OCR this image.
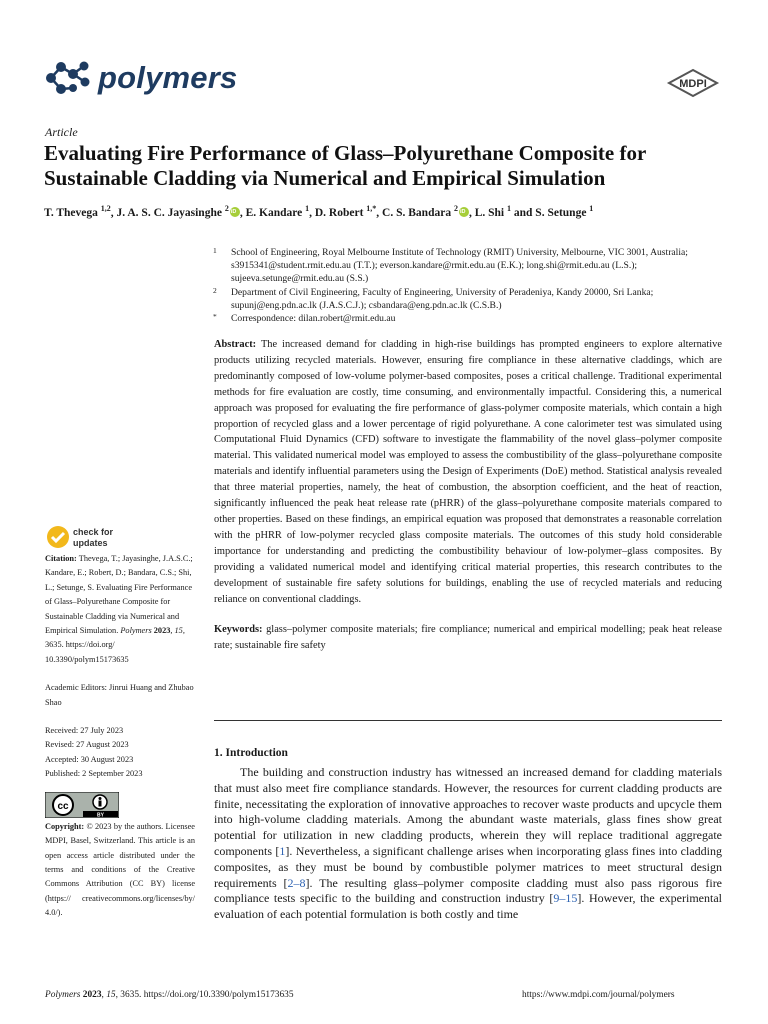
polymers	MDPI
Article
Evaluating Fire Performance of Glass–Polyurethane Composite for Sustainable Cladding via Numerical and Empirical Simulation
T. Thevega $^{1,2}$, J. A. S. C. Jayasinghe $^2$ iD , E. Kandare $^1$, D. Robert $^{1,*}$, C. S. Bandara $^2$ iD , L. Shi $^1$ and S. Setunge $^1$
1 School of Engineering, Royal Melbourne Institute of Technology (RMIT) University, Melbourne, VIC 3001, Australia; s3915341@student.rmit.edu.au (T.T.); everson.kandare@rmit.edu.au (E.K.); long.shi@rmit.edu.au (L.S.); sujeeva.setunge@rmit.edu.au (S.S.)
2 Department of Civil Engineering, Faculty of Engineering, University of Peradeniya, Kandy 20000, Sri Lanka; supunj@eng.pdn.ac.lk (J.A.S.C.J.); csbandara@eng.pdn.ac.lk (C.S.B.)
* Correspondence: dilan.robert@rmit.edu.au
check for
updates

Citation: Thevega, T.; Jayasinghe, J.A.S.C.; Kandare, E.; Robert, D.; Bandara, C.S.; Shi, L.; Setunge, S. Evaluating Fire Performance of Glass–Polyurethane Composite for Sustainable Cladding via Numerical and Empirical Simulation. Polymers 2023, 15, 3635. https://doi.org/ 10.3390/polym15173635

Academic Editors: Jinrui Huang and Zhubao Shao

Received: 27 July 2023
Revised: 27 August 2023
Accepted: 30 August 2023
Published: 2 September 2023

cc
BY

Copyright: © 2023 by the authors. Licensee MDPI, Basel, Switzerland. This article is an open access article distributed under the terms and conditions of the Creative Commons Attribution (CC BY) license (https:// creativecommons.org/licenses/by/ 4.0/).

Abstract: The increased demand for cladding in high-rise buildings has prompted engineers to explore alternative products utilizing recycled materials. However, ensuring fire compliance in these alternative claddings, which are predominantly composed of low-volume polymer-based composites, poses a critical challenge. Traditional experimental methods for fire evaluation are costly, time consuming, and environmentally impactful. Considering this, a numerical approach was proposed for evaluating the fire performance of glass-polymer composite materials, which contain a high proportion of recycled glass and a lower percentage of rigid polyurethane. A cone calorimeter test was simulated using Computational Fluid Dynamics (CFD) software to investigate the flammability of the novel glass–polymer composite material. This validated numerical model was employed to assess the combustibility of the glass–polyurethane composite materials and identify influential parameters using the Design of Experiments (DoE) method. Statistical analysis revealed that three material properties, namely, the heat of combustion, the absorption coefficient, and the heat of reaction, significantly influenced the peak heat release rate (pHRR) of the glass–polyurethane composite materials compared to other properties. Based on these findings, an empirical equation was proposed that demonstrates a reasonable correlation with the pHRR of low-polymer recycled glass composite materials. The outcomes of this study hold considerable importance for understanding and predicting the combustibility behaviour of low-polymer–glass composites. By providing a validated numerical model and identifying critical material properties, this research contributes to the development of sustainable fire safety solutions for buildings, enabling the use of recycled materials and reducing reliance on conventional claddings.

Keywords: glass–polymer composite materials; fire compliance; numerical and empirical modelling; peak heat release rate; sustainable fire safety

1. Introduction

The building and construction industry has witnessed an increased demand for cladding materials that must also meet fire compliance standards. However, the resources for current cladding products are finite, necessitating the exploration of innovative approaches to recover waste products and upcycle them into high-volume cladding materials. Among the abundant waste materials, glass fines show great potential for utilization in new cladding products, wherein they will replace traditional aggregate components [1]. Nevertheless, a significant challenge arises when incorporating glass fines into cladding composites, as they must be bound by combustible polymer matrices to meet structural design requirements [2–8]. The resulting glass–polymer composite cladding must also pass rigorous fire compliance tests specific to the building and construction industry [9–15]. However, the experimental evaluation of each potential formulation is both costly and time

Polymers 2023, 15, 3635. https://doi.org/10.3390/polym15173635	https://www.mdpi.com/journal/polymers
